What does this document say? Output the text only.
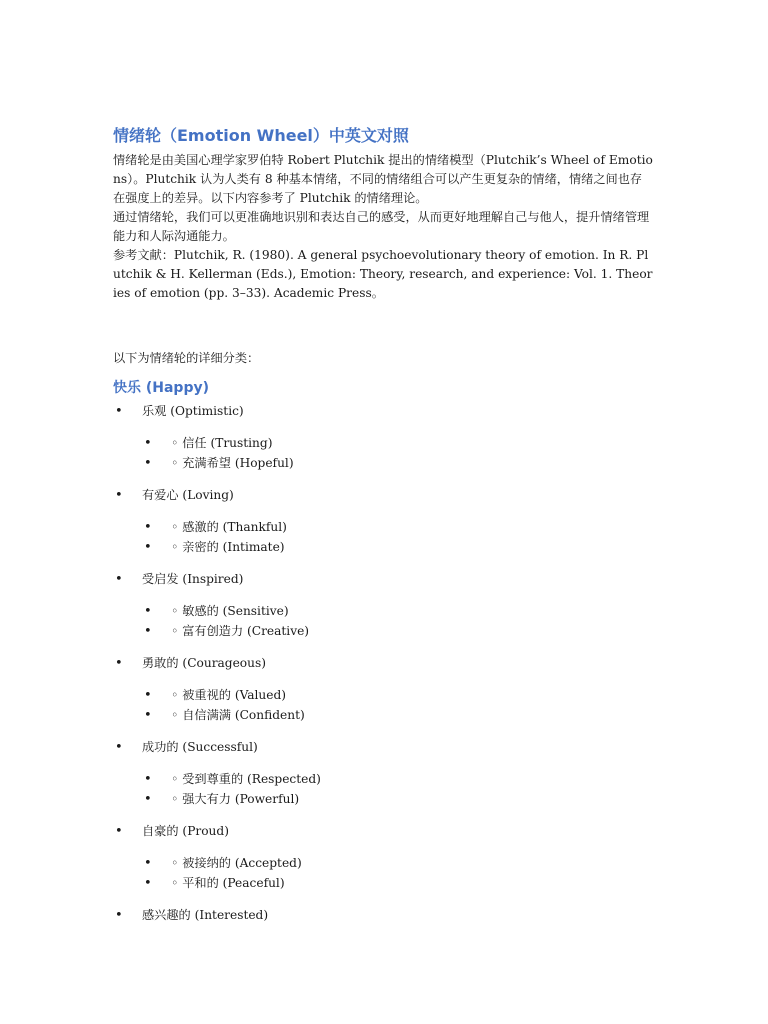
情绪轮（Emotion Wheel）中英文对照

情绪轮是由美国心理学家罗伯特 Robert Plutchik 提出的情绪模型（Plutchik’s Wheel of Emotions）。Plutchik 认为人类有 8 种基本情绪，不同的情绪组合可以产生更复杂的情绪，情绪之间也存在强度上的差异。以下内容参考了 Plutchik 的情绪理论。

通过情绪轮，我们可以更准确地识别和表达自己的感受，从而更好地理解自己与他人，提升情绪管理能力和人际沟通能力。

参考文献：Plutchik, R. (1980). A general psychoevolutionary theory of emotion. In R. Plutchik & H. Kellerman (Eds.), Emotion: Theory, research, and experience: Vol. 1. Theories of emotion (pp. 3–33). Academic Press。

以下为情绪轮的详细分类：

快乐 (Happy)
• 乐观 (Optimistic)
• ◦ 信任 (Trusting)
• ◦ 充满希望 (Hopeful)
• 有爱心 (Loving)
• ◦ 感激的 (Thankful)
• ◦ 亲密的 (Intimate)
• 受启发 (Inspired)
• ◦ 敏感的 (Sensitive)
• ◦ 富有创造力 (Creative)
• 勇敢的 (Courageous)
• ◦ 被重视的 (Valued)
• ◦ 自信满满 (Confident)
• 成功的 (Successful)
• ◦ 受到尊重的 (Respected)
• ◦ 强大有力 (Powerful)
• 自豪的 (Proud)
• ◦ 被接纳的 (Accepted)
• ◦ 平和的 (Peaceful)
• 感兴趣的 (Interested)
